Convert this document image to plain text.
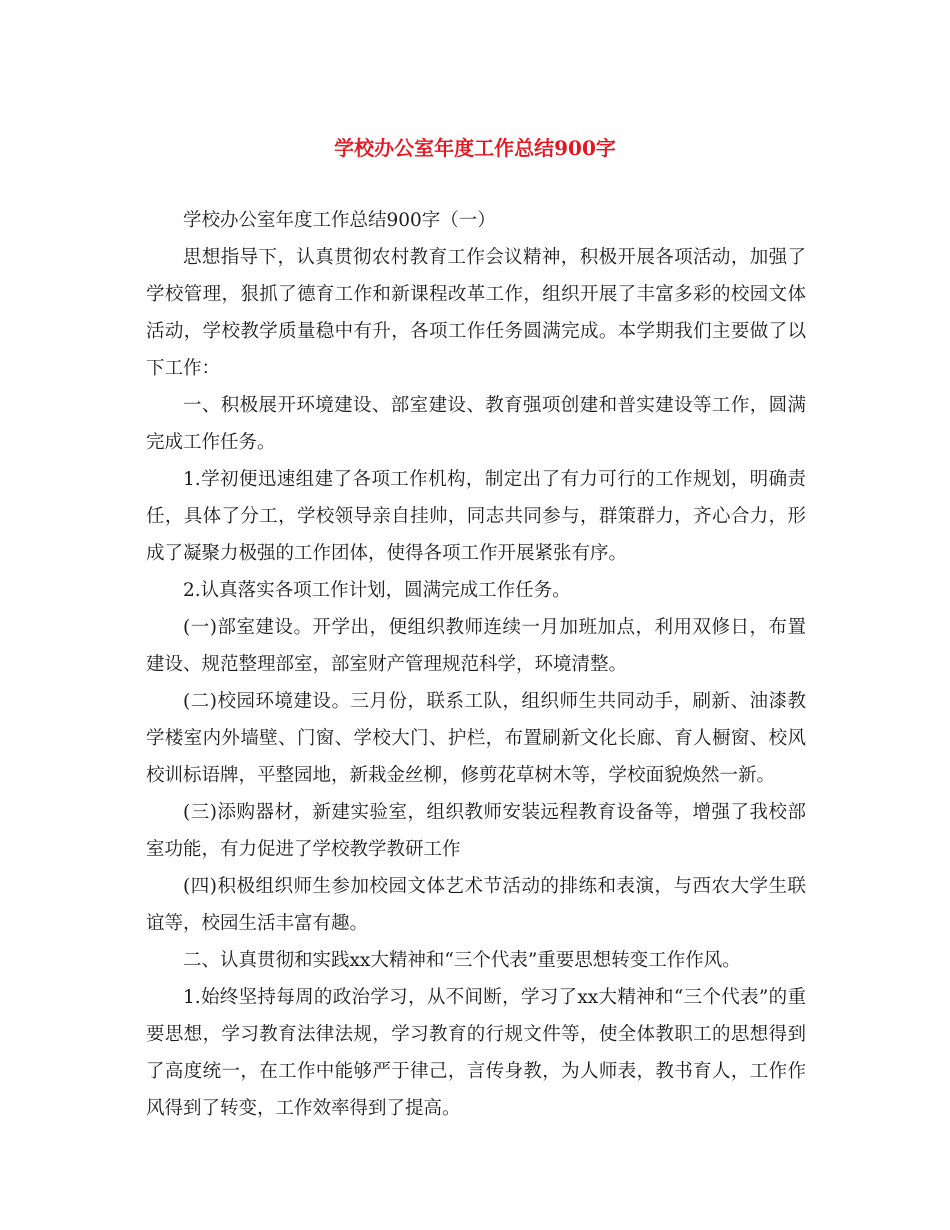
学校办公室年度工作总结900字

学校办公室年度工作总结900字（一）

思想指导下，认真贯彻农村教育工作会议精神，积极开展各项活动，加强了学校管理，狠抓了德育工作和新课程改革工作，组织开展了丰富多彩的校园文体活动，学校教学质量稳中有升，各项工作任务圆满完成。本学期我们主要做了以下工作：

一、积极展开环境建设、部室建设、教育强项创建和普实建设等工作，圆满完成工作任务。

1.学初便迅速组建了各项工作机构，制定出了有力可行的工作规划，明确责任，具体了分工，学校领导亲自挂帅，同志共同参与，群策群力，齐心合力，形成了凝聚力极强的工作团体，使得各项工作开展紧张有序。

2.认真落实各项工作计划，圆满完成工作任务。

(一)部室建设。开学出，便组织教师连续一月加班加点，利用双修日，布置建设、规范整理部室，部室财产管理规范科学，环境清整。

(二)校园环境建设。三月份，联系工队，组织师生共同动手，刷新、油漆教学楼室内外墙壁、门窗、学校大门、护栏，布置刷新文化长廊、育人橱窗、校风校训标语牌，平整园地，新栽金丝柳，修剪花草树木等，学校面貌焕然一新。

(三)添购器材，新建实验室，组织教师安装远程教育设备等，增强了我校部室功能，有力促进了学校教学教研工作

(四)积极组织师生参加校园文体艺术节活动的排练和表演，与西农大学生联谊等，校园生活丰富有趣。

二、认真贯彻和实践xx大精神和“三个代表”重要思想转变工作作风。

1.始终坚持每周的政治学习，从不间断，学习了xx大精神和“三个代表”的重要思想，学习教育法律法规，学习教育的行规文件等，使全体教职工的思想得到了高度统一，在工作中能够严于律己，言传身教，为人师表，教书育人，工作作风得到了转变，工作效率得到了提高。
